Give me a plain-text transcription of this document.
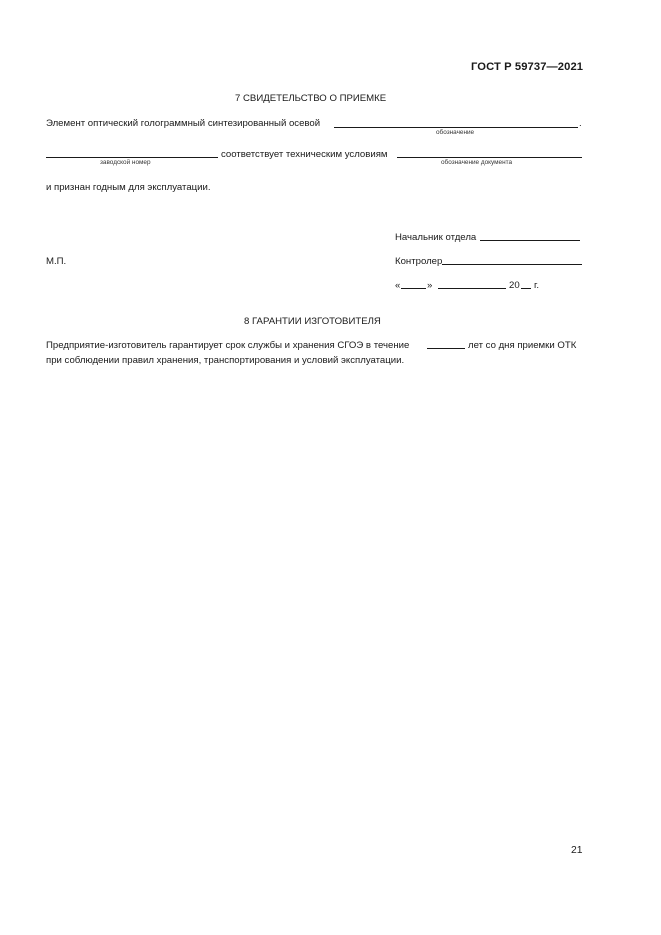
ГОСТ Р 59737—2021
7 СВИДЕТЕЛЬСТВО О ПРИЕМКЕ
Элемент оптический голограммный синтезированный осевой	.
обозначение
соответствует техническим условиям
заводской номер	обозначение документа
и признан годным для эксплуатации.
Начальник отдела
М.П.	Контролер
«	»	20 г.
8 ГАРАНТИИ ИЗГОТОВИТЕЛЯ
Предприятие-изготовитель гарантирует срок службы и хранения СГОЭ в течение	лет со дня приемки ОТК
при соблюдении правил хранения, транспортирования и условий эксплуатации.
21
